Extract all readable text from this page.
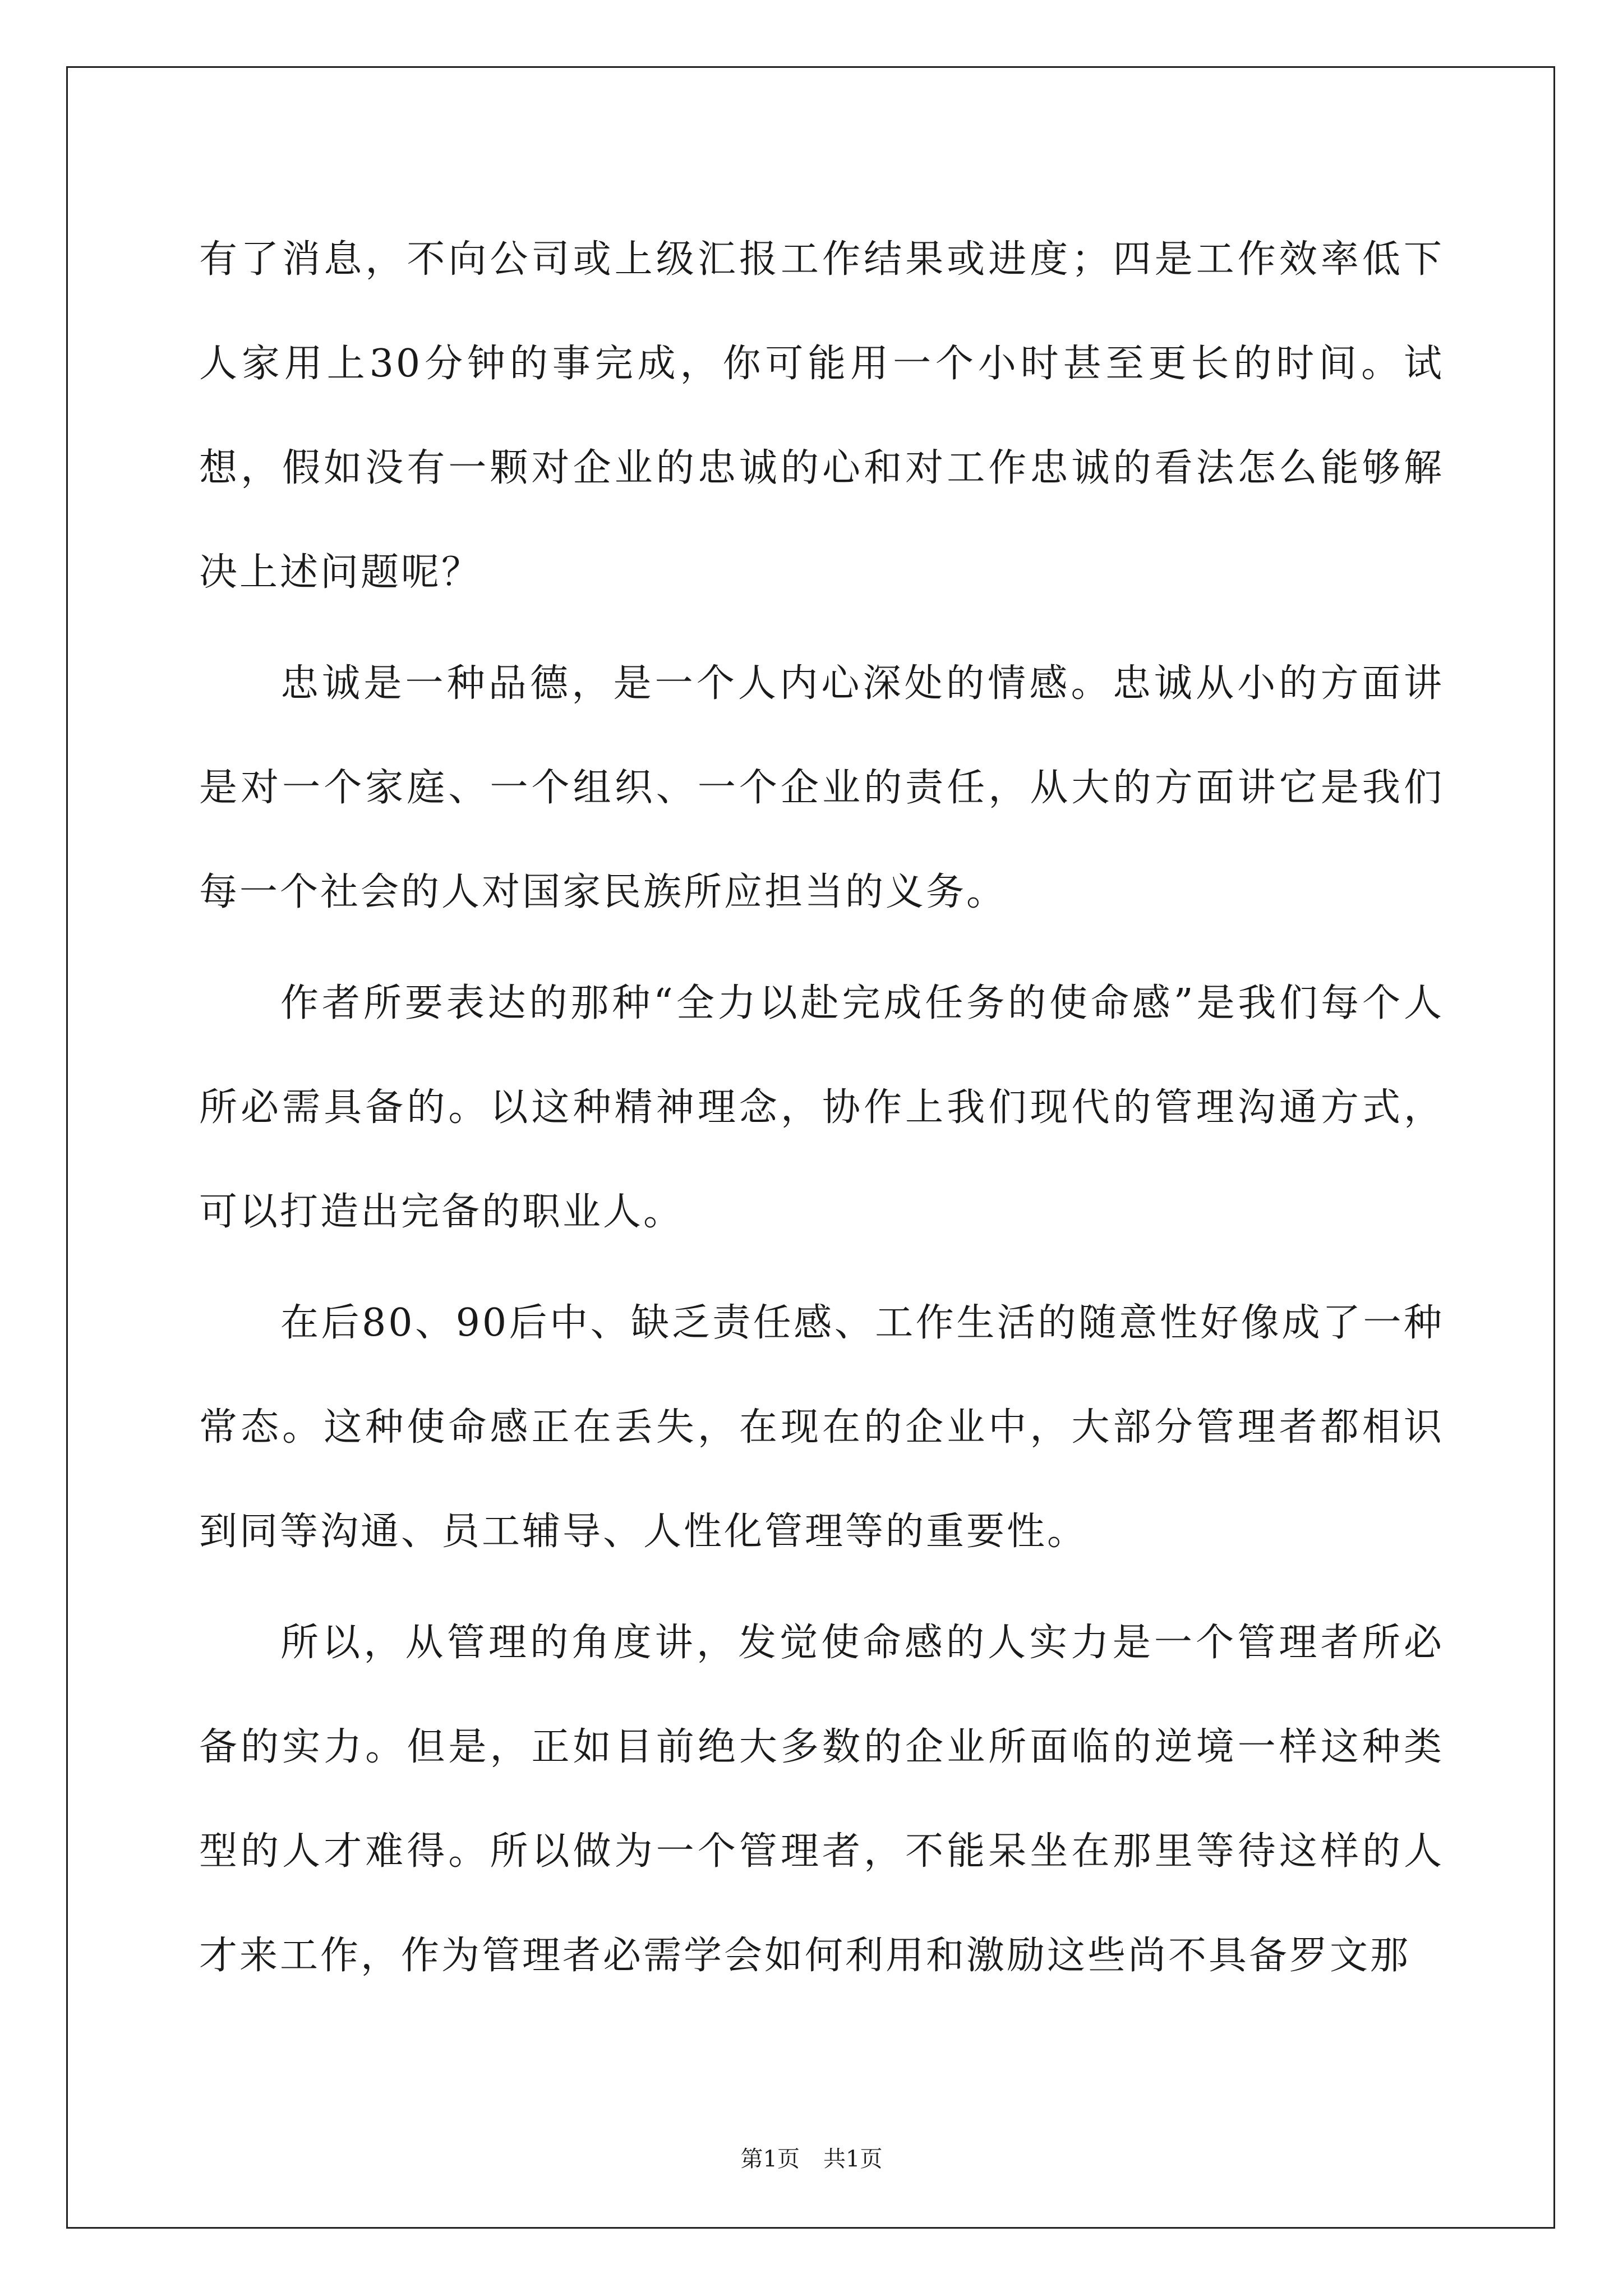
有了消息，不向公司或上级汇报工作结果或进度；四是工作效率低下人家用上30分钟的事完成，你可能用一个小时甚至更长的时间。试想，假如没有一颗对企业的忠诚的心和对工作忠诚的看法怎么能够解决上述问题呢？

忠诚是一种品德，是一个人内心深处的情感。忠诚从小的方面讲是对一个家庭、一个组织、一个企业的责任，从大的方面讲它是我们每一个社会的人对国家民族所应担当的义务。

作者所要表达的那种“全力以赴完成任务的使命感”是我们每个人所必需具备的。以这种精神理念，协作上我们现代的管理沟通方式，可以打造出完备的职业人。

在后80、90后中、缺乏责任感、工作生活的随意性好像成了一种常态。这种使命感正在丢失，在现在的企业中，大部分管理者都相识到同等沟通、员工辅导、人性化管理等的重要性。

所以，从管理的角度讲，发觉使命感的人实力是一个管理者所必备的实力。但是，正如目前绝大多数的企业所面临的逆境一样这种类型的人才难得。所以做为一个管理者，不能呆坐在那里等待这样的人才来工作，作为管理者必需学会如何利用和激励这些尚不具备罗文那

第1页 共1页
